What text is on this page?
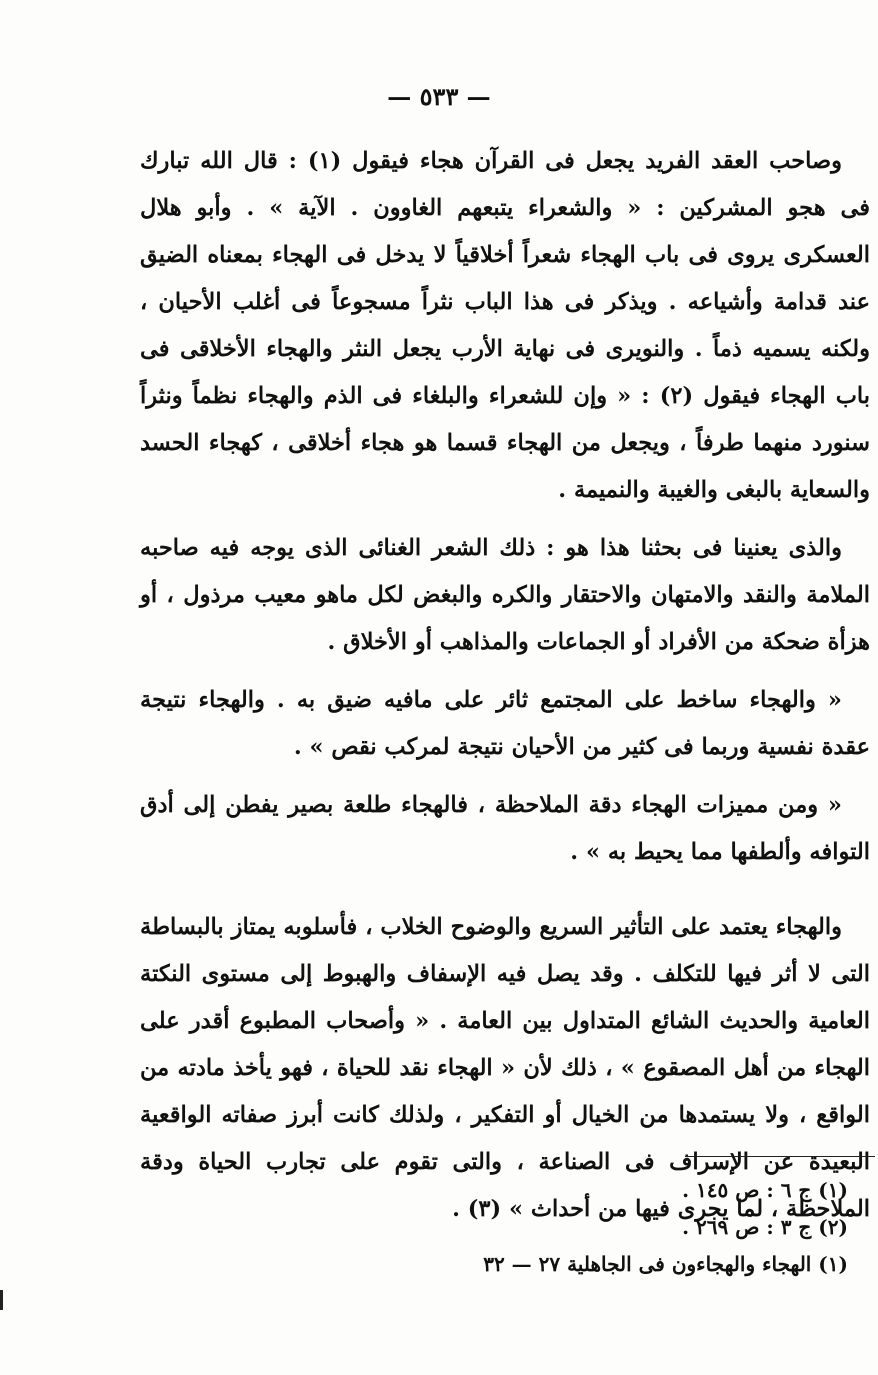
— ٥٣٣ —

وصاحب العقد الفريد يجعل فى القرآن هجاء فيقول (١) : قال الله تبارك فى هجو المشركين : « والشعراء يتبعهم الغاوون . الآية » . وأبو هلال العسكرى يروى فى باب الهجاء شعراً أخلاقياً لا يدخل فى الهجاء بمعناه الضيق عند قدامة وأشياعه . ويذكر فى هذا الباب نثراً مسجوعاً فى أغلب الأحيان ، ولكنه يسميه ذماً . والنويرى فى نهاية الأرب يجعل النثر والهجاء الأخلاقى فى باب الهجاء فيقول (٢) : « وإن للشعراء والبلغاء فى الذم والهجاء نظماً ونثراً سنورد منهما طرفاً ، ويجعل من الهجاء قسما هو هجاء أخلاقى ، كهجاء الحسد والسعاية بالبغى والغيبة والنميمة .

والذى يعنينا فى بحثنا هذا هو : ذلك الشعر الغنائى الذى يوجه فيه صاحبه الملامة والنقد والامتهان والاحتقار والكره والبغض لكل ماهو معيب مرذول ، أو هزأة ضحكة من الأفراد أو الجماعات والمذاهب أو الأخلاق .

« والهجاء ساخط على المجتمع ثائر على مافيه ضيق به . والهجاء نتيجة عقدة نفسية وربما فى كثير من الأحيان نتيجة لمركب نقص » .

« ومن مميزات الهجاء دقة الملاحظة ، فالهجاء طلعة بصير يفطن إلى أدق التوافه وألطفها مما يحيط به » .

والهجاء يعتمد على التأثير السريع والوضوح الخلاب ، فأسلوبه يمتاز بالبساطة التى لا أثر فيها للتكلف . وقد يصل فيه الإسفاف والهبوط إلى مستوى النكتة العامية والحديث الشائع المتداول بين العامة . « وأصحاب المطبوع أقدر على الهجاء من أهل المصقوع » ، ذلك لأن « الهجاء نقد للحياة ، فهو يأخذ مادته من الواقع ، ولا يستمدها من الخيال أو التفكير ، ولذلك كانت أبرز صفاته الواقعية البعيدة عن الإسراف فى الصناعة ، والتى تقوم على تجارب الحياة ودقة الملاحظة ، لما يجرى فيها من أحداث » (٣) .

(١) ج ٦ : ص ١٤٥ .
(٢) ج ٣ : ص ٢٦٩ .
(١) الهجاء والهجاءون فى الجاهلية ٢٧ — ٣٢
